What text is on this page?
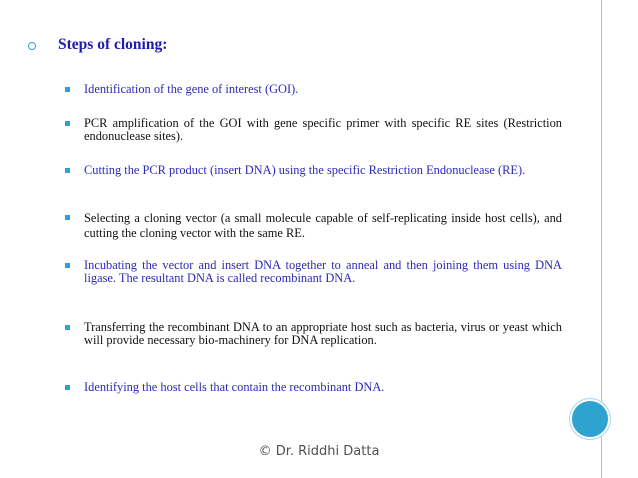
Steps of cloning:
Identification of the gene of interest (GOI).
PCR amplification of the GOI with gene specific primer with specific RE sites (Restriction endonuclease sites).
Cutting the PCR product (insert DNA) using the specific Restriction Endonuclease (RE).
Selecting a cloning vector (a small molecule capable of self-replicating inside host cells), and cutting the cloning vector with the same RE.
Incubating the vector and insert DNA together to anneal and then joining them using DNA ligase. The resultant DNA is called recombinant DNA.
Transferring the recombinant DNA to an appropriate host such as bacteria, virus or yeast which will provide necessary bio-machinery for DNA replication.
Identifying the host cells that contain the recombinant DNA.
© Dr. Riddhi Datta
